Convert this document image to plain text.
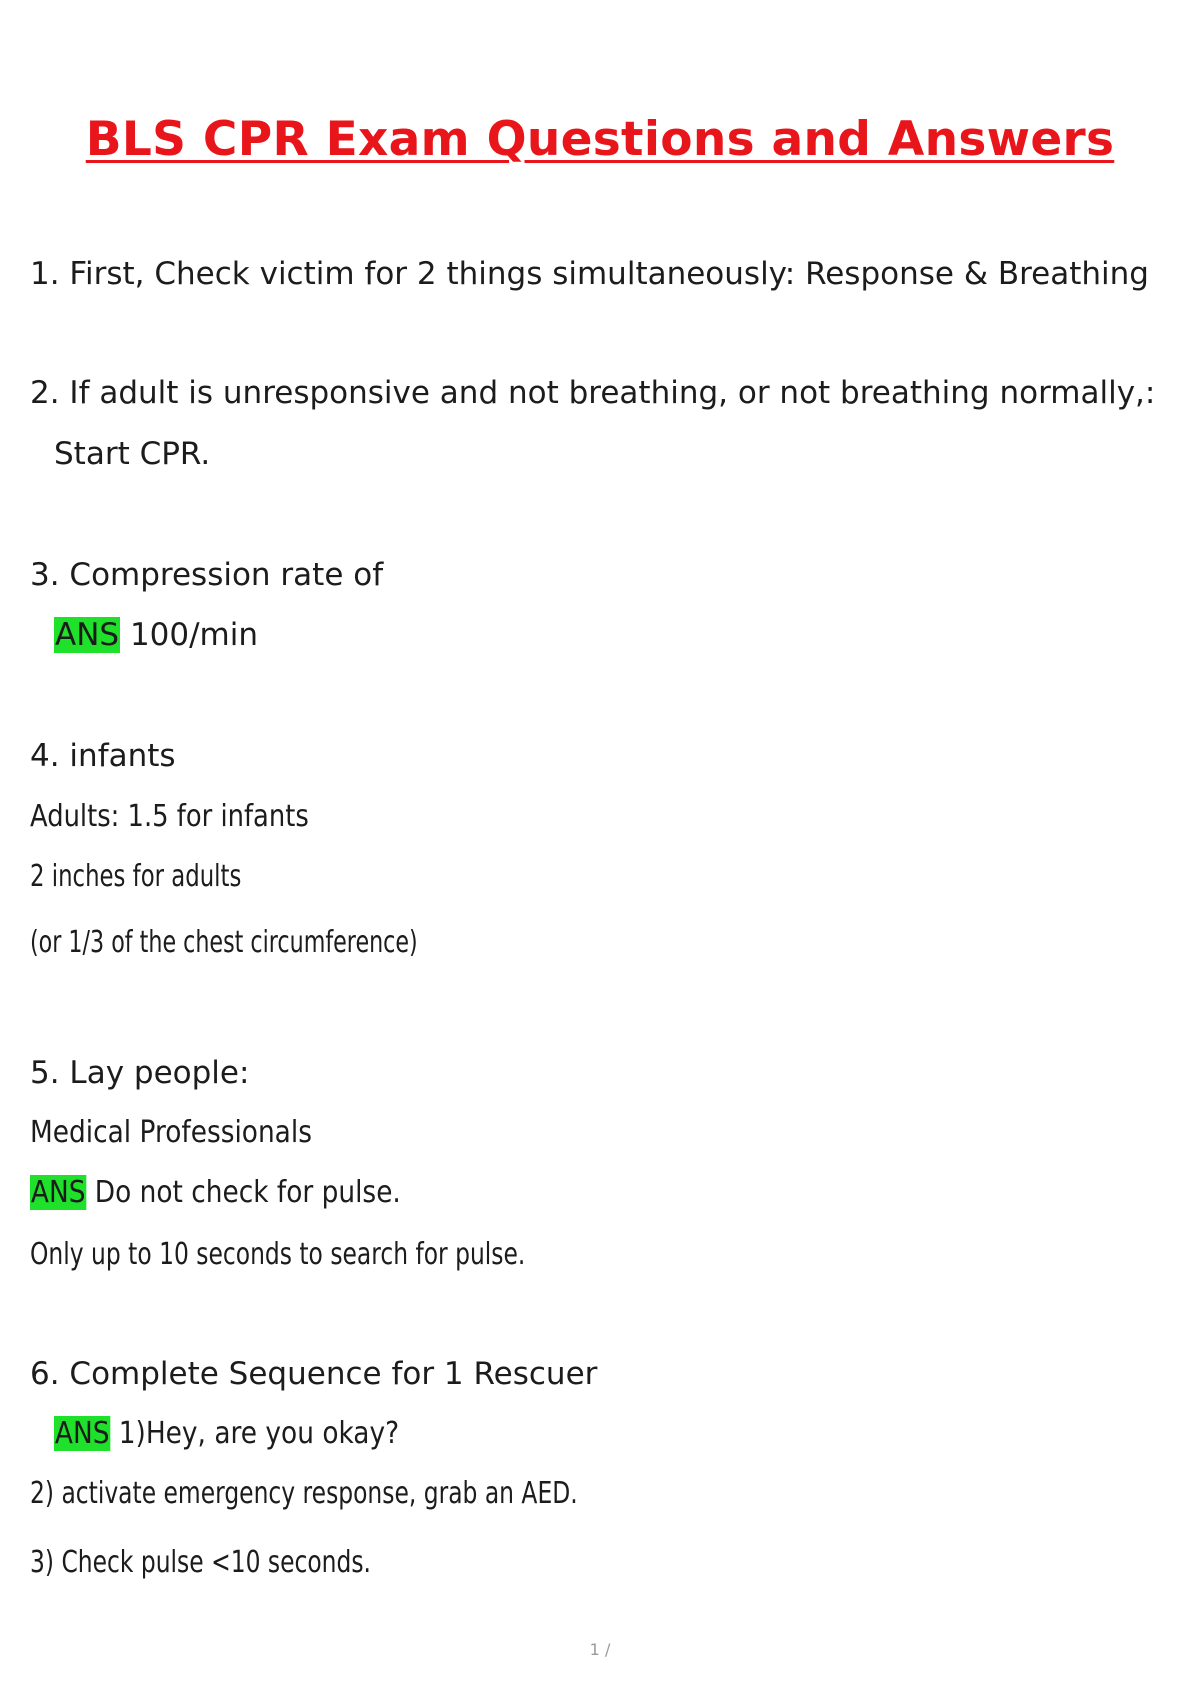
BLS CPR Exam Questions and Answers
1. First, Check victim for 2 things simultaneously: Response & Breathing
2. If adult is unresponsive and not breathing, or not breathing normally,:
Start CPR.
3. Compression rate of
ANS 100/min
4. infants
Adults: 1.5 for infants
2 inches for adults
(or 1/3 of the chest circumference)
5. Lay people:
Medical Professionals
ANS Do not check for pulse.
Only up to 10 seconds to search for pulse.
6. Complete Sequence for 1 Rescuer
ANS 1)Hey, are you okay?
2) activate emergency response, grab an AED.
3) Check pulse <10 seconds.
1 /
